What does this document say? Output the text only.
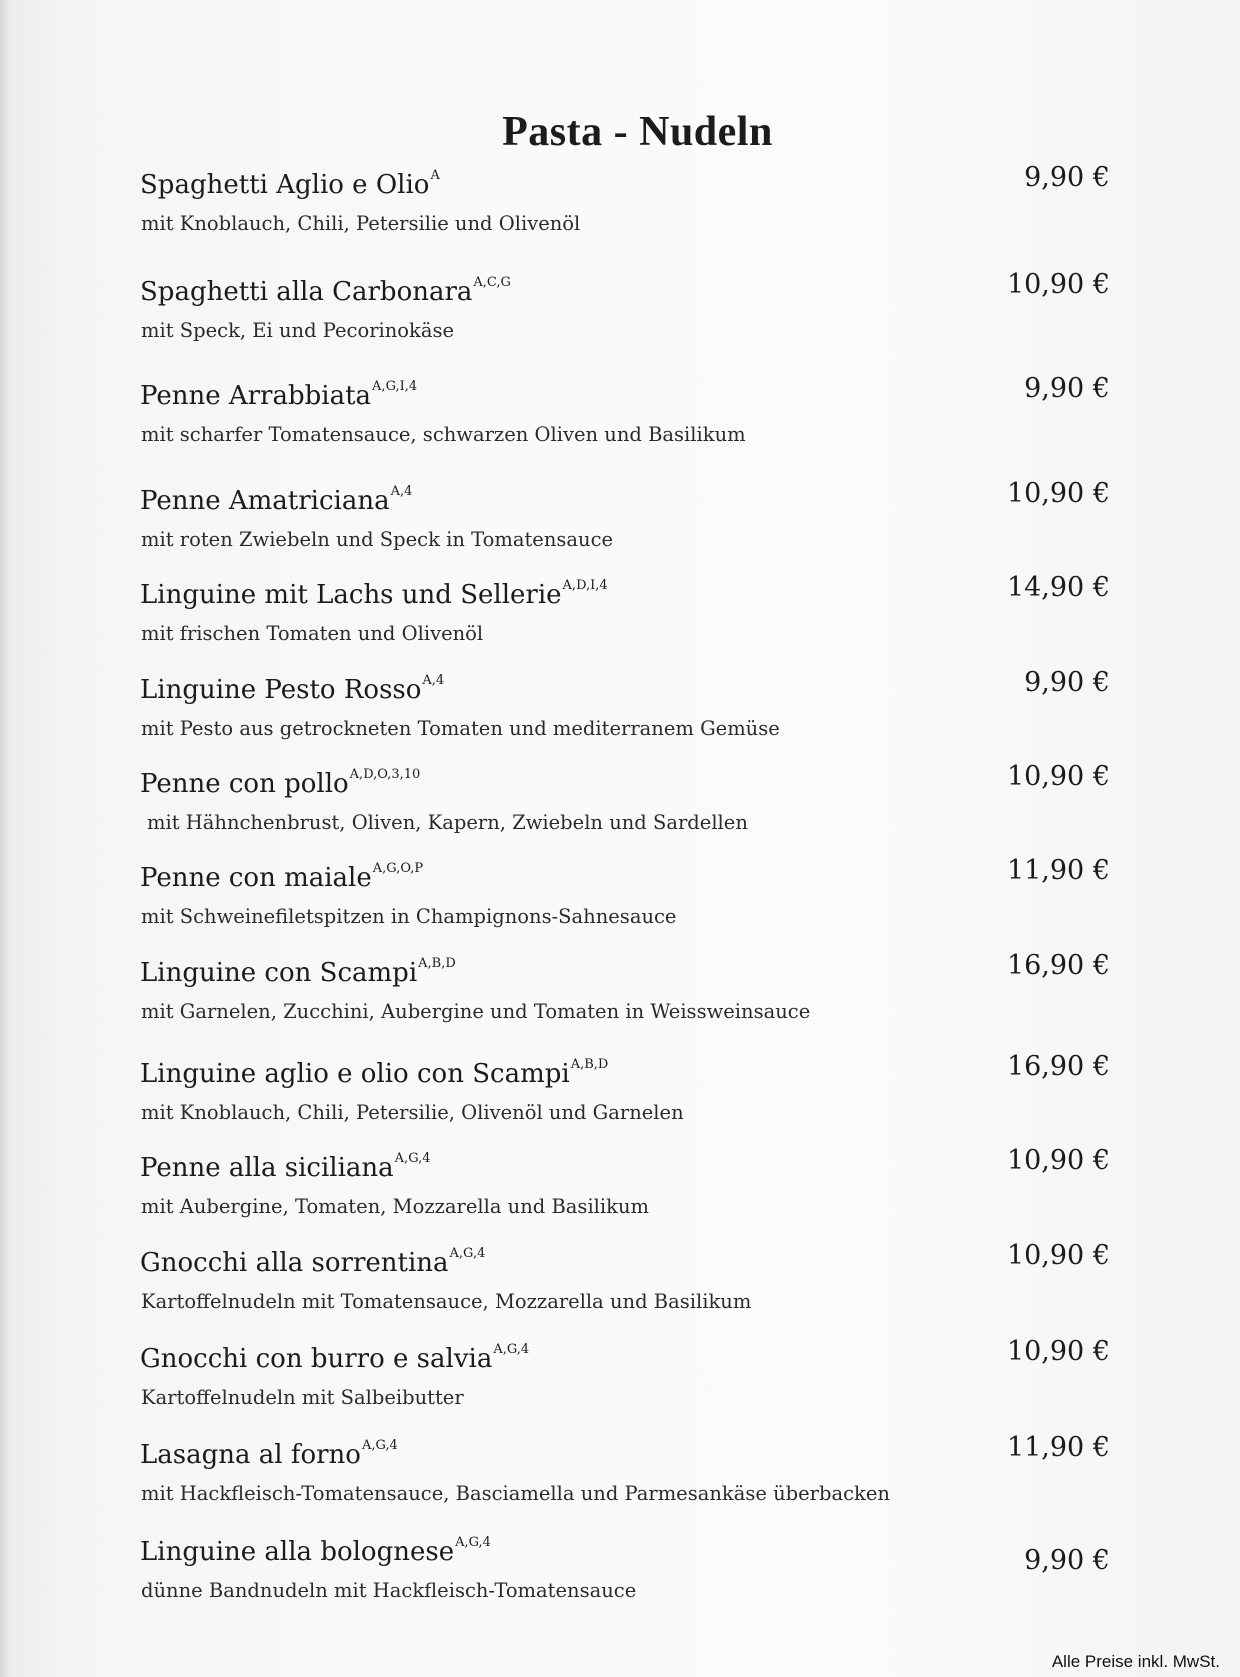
Pasta - Nudeln
Spaghetti Aglio e Olio$^A$
mit Knoblauch, Chili, Petersilie und Olivenöl
9,90 €
Spaghetti alla Carbonara$^{A,C,G}$
mit Speck, Ei und Pecorinokäse
10,90 €
Penne Arrabbiata$^{A,G,I,4}$
mit scharfer Tomatensauce, schwarzen Oliven und Basilikum
9,90 €
Penne Amatriciana$^{A,4}$
mit roten Zwiebeln und Speck in Tomatensauce
10,90 €
Linguine mit Lachs und Sellerie$^{A,D,I,4}$
mit frischen Tomaten und Olivenöl
14,90 €
Linguine Pesto Rosso$^{A,4}$
mit Pesto aus getrockneten Tomaten und mediterranem Gemüse
9,90 €
Penne con pollo$^{A,D,O,3,10}$
mit Hähnchenbrust, Oliven, Kapern, Zwiebeln und Sardellen
10,90 €
Penne con maiale$^{A,G,O,P}$
mit Schweinefiletspitzen in Champignons-Sahnesauce
11,90 €
Linguine con Scampi$^{A,B,D}$
mit Garnelen, Zucchini, Aubergine und Tomaten in Weissweinsauce
16,90 €
Linguine aglio e olio con Scampi$^{A,B,D}$
mit Knoblauch, Chili, Petersilie, Olivenöl und Garnelen
16,90 €
Penne alla siciliana$^{A,G,4}$
mit Aubergine, Tomaten, Mozzarella und Basilikum
10,90 €
Gnocchi alla sorrentina$^{A,G,4}$
Kartoffelnudeln mit Tomatensauce, Mozzarella und Basilikum
10,90 €
Gnocchi con burro e salvia$^{A,G,4}$
Kartoffelnudeln mit Salbeibutter
10,90 €
Lasagna al forno$^{A,G,4}$
mit Hackfleisch-Tomatensauce, Basciamella und Parmesankäse überbacken
11,90 €
Linguine alla bolognese$^{A,G,4}$
dünne Bandnudeln mit Hackfleisch-Tomatensauce
9,90 €
Alle Preise inkl. MwSt.
